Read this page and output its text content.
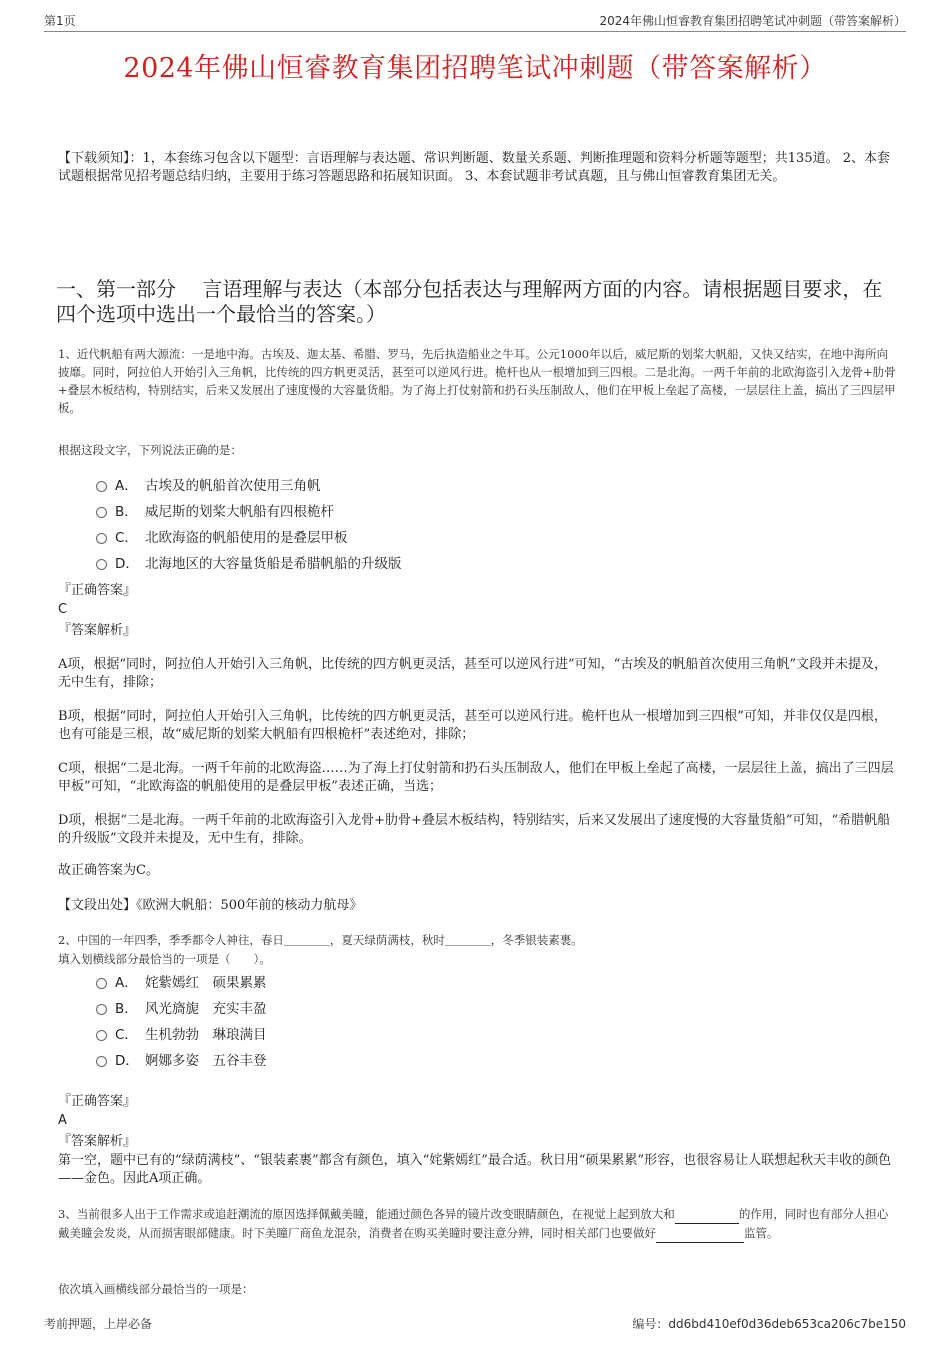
第1页	2024年佛山恒睿教育集团招聘笔试冲刺题（带答案解析）
2024年佛山恒睿教育集团招聘笔试冲刺题（带答案解析）
【下载须知】：1，本套练习包含以下题型：言语理解与表达题、常识判断题、数量关系题、判断推理题和资料分析题等题型；共135道。 2、本套试题根据常见招考题总结归纳，主要用于练习答题思路和拓展知识面。 3、本套试题非考试真题，且与佛山恒睿教育集团无关。
一、第一部分　 言语理解与表达（本部分包括表达与理解两方面的内容。请根据题目要求，在四个选项中选出一个最恰当的答案。）
1、近代帆船有两大源流：一是地中海。古埃及、迦太基、希腊、罗马，先后执造船业之牛耳。公元1000年以后，威尼斯的划桨大帆船，又快又结实，在地中海所向披靡。同时，阿拉伯人开始引入三角帆，比传统的四方帆更灵活，甚至可以逆风行进。桅杆也从一根增加到三四根。二是北海。一两千年前的北欧海盗引入龙骨+肋骨+叠层木板结构，特别结实，后来又发展出了速度慢的大容量货船。为了海上打仗射箭和扔石头压制敌人，他们在甲板上垒起了高楼，一层层往上盖，搞出了三四层甲板。
根据这段文字，下列说法正确的是：
A． 古埃及的帆船首次使用三角帆
B． 威尼斯的划桨大帆船有四根桅杆
C． 北欧海盗的帆船使用的是叠层甲板
D． 北海地区的大容量货船是希腊帆船的升级版
『正确答案』
C
『答案解析』
A项，根据“同时，阿拉伯人开始引入三角帆，比传统的四方帆更灵活，甚至可以逆风行进”可知，“古埃及的帆船首次使用三角帆”文段并未提及，无中生有，排除；
B项，根据“同时，阿拉伯人开始引入三角帆，比传统的四方帆更灵活，甚至可以逆风行进。桅杆也从一根增加到三四根”可知，并非仅仅是四根，也有可能是三根，故“威尼斯的划桨大帆船有四根桅杆”表述绝对，排除；
C项，根据“二是北海。一两千年前的北欧海盗……为了海上打仗射箭和扔石头压制敌人，他们在甲板上垒起了高楼，一层层往上盖，搞出了三四层甲板”可知，“北欧海盗的帆船使用的是叠层甲板”表述正确，当选；
D项，根据“二是北海。一两千年前的北欧海盗引入龙骨+肋骨+叠层木板结构，特别结实，后来又发展出了速度慢的大容量货船”可知，“希腊帆船的升级版”文段并未提及，无中生有，排除。
故正确答案为C。
【文段出处】《欧洲大帆船：500年前的核动力航母》
2、中国的一年四季，季季都令人神往，春日＿＿＿＿，夏天绿荫满枝，秋时＿＿＿＿，冬季银装素裹。
填入划横线部分最恰当的一项是（　　）。
A． 姹紫嫣红　硕果累累
B． 风光旖旎　充实丰盈
C． 生机勃勃　琳琅满目
D． 婀娜多姿　五谷丰登
『正确答案』
A
『答案解析』
第一空，题中已有的“绿荫满枝”、“银装素裹”都含有颜色，填入“姹紫嫣红”最合适。秋日用“硕果累累”形容，也很容易让人联想起秋天丰收的颜色——金色。因此A项正确。
3、当前很多人出于工作需求或追赶潮流的原因选择佩戴美瞳，能通过颜色各异的镜片改变眼睛颜色，在视觉上起到放大和	的作用，同时也有部分人担心戴美瞳会发炎，从而损害眼部健康。时下美瞳厂商鱼龙混杂，消费者在购买美瞳时要注意分辨，同时相关部门也要做好	监管。
依次填入画横线部分最恰当的一项是：
考前押题，上岸必备	编号：dd6bd410ef0d36deb653ca206c7be150
